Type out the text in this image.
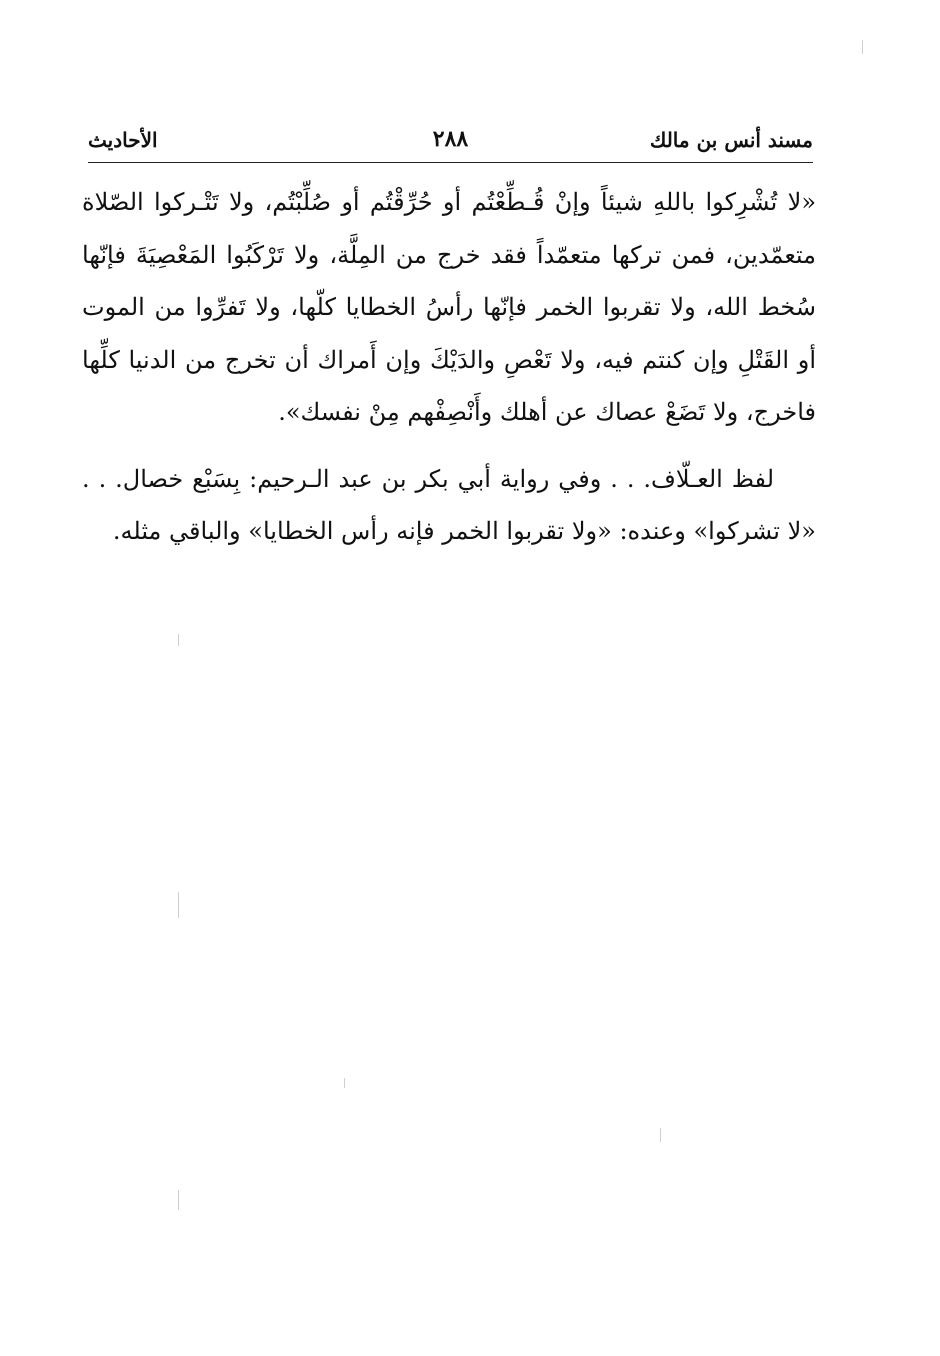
مسند أنس بن مالك
٢٨٨
الأحاديث

«لا تُشْرِكوا باللهِ شيئاً وإنْ قُـطِّعْتُم أو حُرِّقْتُم أو صُلِّبْتُم، ولا تَتْـركوا الصّلاة متعمّدين، فمن تركها متعمّداً فقد خرج من المِلَّة، ولا تَرْكَبُوا المَعْصِيَةَ فإنّها سُخط الله، ولا تقربوا الخمر فإنّها رأسُ الخطايا كلّها، ولا تَفرِّوا من الموت أو القَتْلِ وإن كنتم فيه، ولا تَعْصِ والدَيْكَ وإن أَمراك أن تخرج من الدنيا كلِّها فاخرج، ولا تَضَعْ عصاك عن أهلك وأَنْصِفْهم مِنْ نفسك».

لفظ العـلّاف. . . وفي رواية أبي بكر بن عبد الـرحيم: بِسَبْع خصال. . . «لا تشركوا» وعنده: «ولا تقربوا الخمر فإنه رأس الخطايا» والباقي مثله.
